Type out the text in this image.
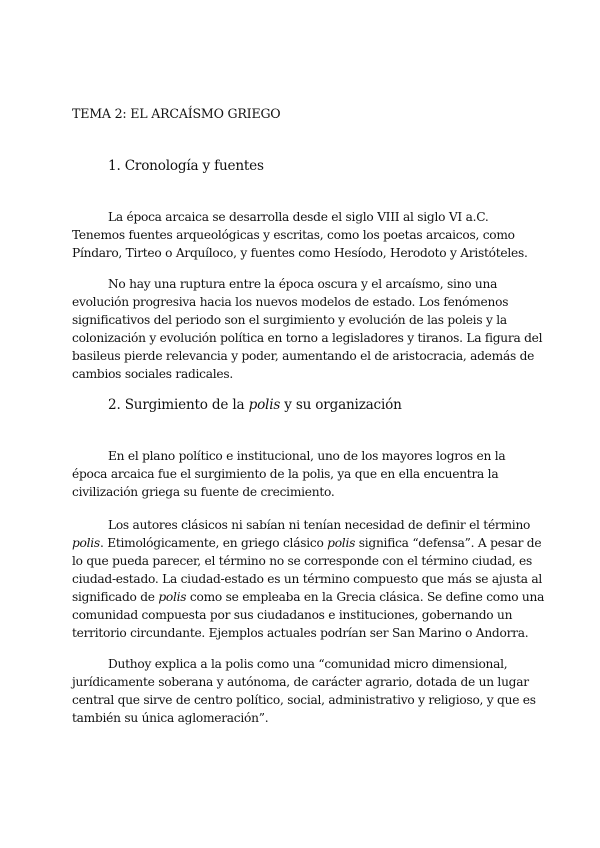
TEMA 2: EL ARCAÍSMO GRIEGO
1. Cronología y fuentes

La época arcaica se desarrolla desde el siglo VIII al siglo VI a.C.
Tenemos fuentes arqueológicas y escritas, como los poetas arcaicos, como
Píndaro, Tirteo o Arquíloco, y fuentes como Hesíodo, Herodoto y Aristóteles.

No hay una ruptura entre la época oscura y el arcaísmo, sino una
evolución progresiva hacia los nuevos modelos de estado. Los fenómenos
significativos del periodo son el surgimiento y evolución de las poleis y la
colonización y evolución política en torno a legisladores y tiranos. La figura del
basileus pierde relevancia y poder, aumentando el de aristocracia, además de
cambios sociales radicales.

2. Surgimiento de la polis y su organización

En el plano político e institucional, uno de los mayores logros en la
época arcaica fue el surgimiento de la polis, ya que en ella encuentra la
civilización griega su fuente de crecimiento.

Los autores clásicos ni sabían ni tenían necesidad de definir el término
polis. Etimológicamente, en griego clásico polis significa “defensa”. A pesar de
lo que pueda parecer, el término no se corresponde con el término ciudad, es
ciudad-estado. La ciudad-estado es un término compuesto que más se ajusta al
significado de polis como se empleaba en la Grecia clásica. Se define como una
comunidad compuesta por sus ciudadanos e instituciones, gobernando un
territorio circundante. Ejemplos actuales podrían ser San Marino o Andorra.

Duthoy explica a la polis como una “comunidad micro dimensional,
jurídicamente soberana y autónoma, de carácter agrario, dotada de un lugar
central que sirve de centro político, social, administrativo y religioso, y que es
también su única aglomeración”.
